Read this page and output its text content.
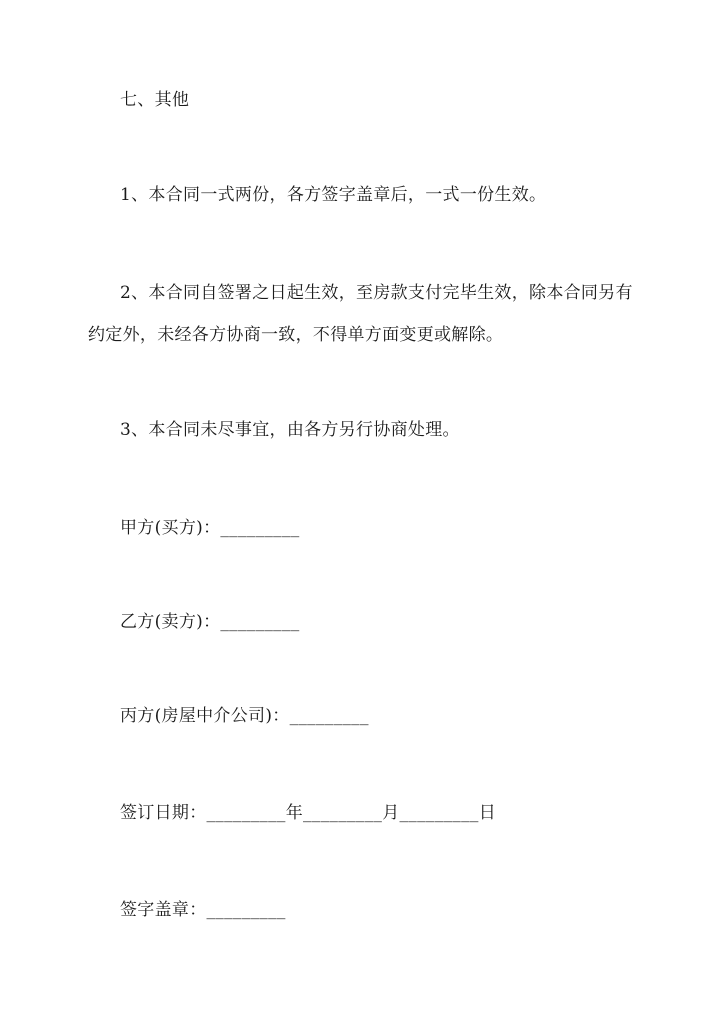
七、其他
1、本合同一式两份，各方签字盖章后，一式一份生效。
2、本合同自签署之日起生效，至房款支付完毕生效，除本合同另有
约定外，未经各方协商一致，不得单方面变更或解除。
3、本合同未尽事宜，由各方另行协商处理。
甲方(买方)：_________
乙方(卖方)：_________
丙方(房屋中介公司)：_________
签订日期：_________年_________月_________日
签字盖章：_________
